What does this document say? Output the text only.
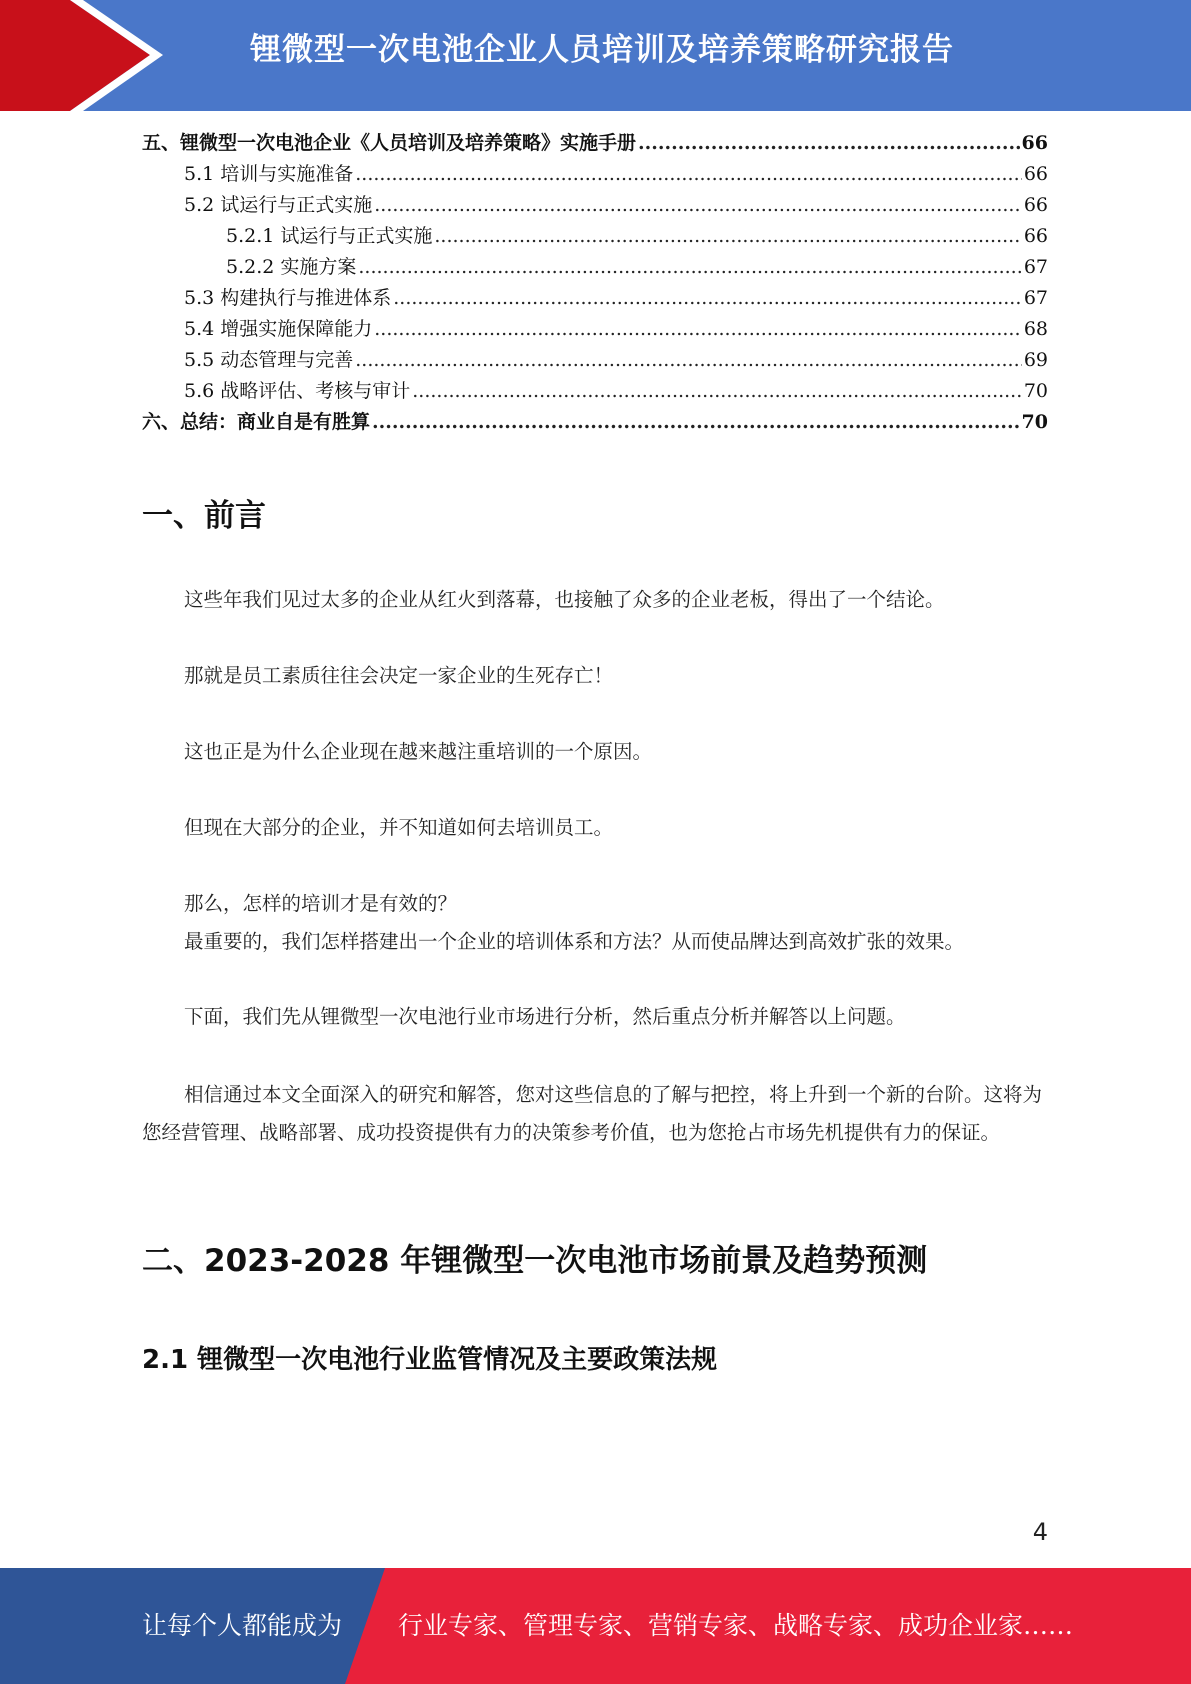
锂微型一次电池企业人员培训及培养策略研究报告
五、锂微型一次电池企业《人员培训及培养策略》实施手册 .....	66
5.1 培训与实施准备 .....	66
5.2 试运行与正式实施 .....	66
5.2.1 试运行与正式实施 .....	66
5.2.2 实施方案 .....	67
5.3 构建执行与推进体系 .....	67
5.4 增强实施保障能力 .....	68
5.5 动态管理与完善 .....	69
5.6 战略评估、考核与审计 .....	70
六、总结：商业自是有胜算 .....	70
一、前言
这些年我们见过太多的企业从红火到落幕，也接触了众多的企业老板，得出了一个结论。
那就是员工素质往往会决定一家企业的生死存亡！
这也正是为什么企业现在越来越注重培训的一个原因。
但现在大部分的企业，并不知道如何去培训员工。
那么，怎样的培训才是有效的？
最重要的，我们怎样搭建出一个企业的培训体系和方法？从而使品牌达到高效扩张的效果。
下面，我们先从锂微型一次电池行业市场进行分析，然后重点分析并解答以上问题。
相信通过本文全面深入的研究和解答，您对这些信息的了解与把控，将上升到一个新的台阶。这将为您经营管理、战略部署、成功投资提供有力的决策参考价值，也为您抢占市场先机提供有力的保证。
二、2023-2028 年锂微型一次电池市场前景及趋势预测
2.1 锂微型一次电池行业监管情况及主要政策法规
4
让每个人都能成为 行业专家、管理专家、营销专家、战略专家、成功企业家……
